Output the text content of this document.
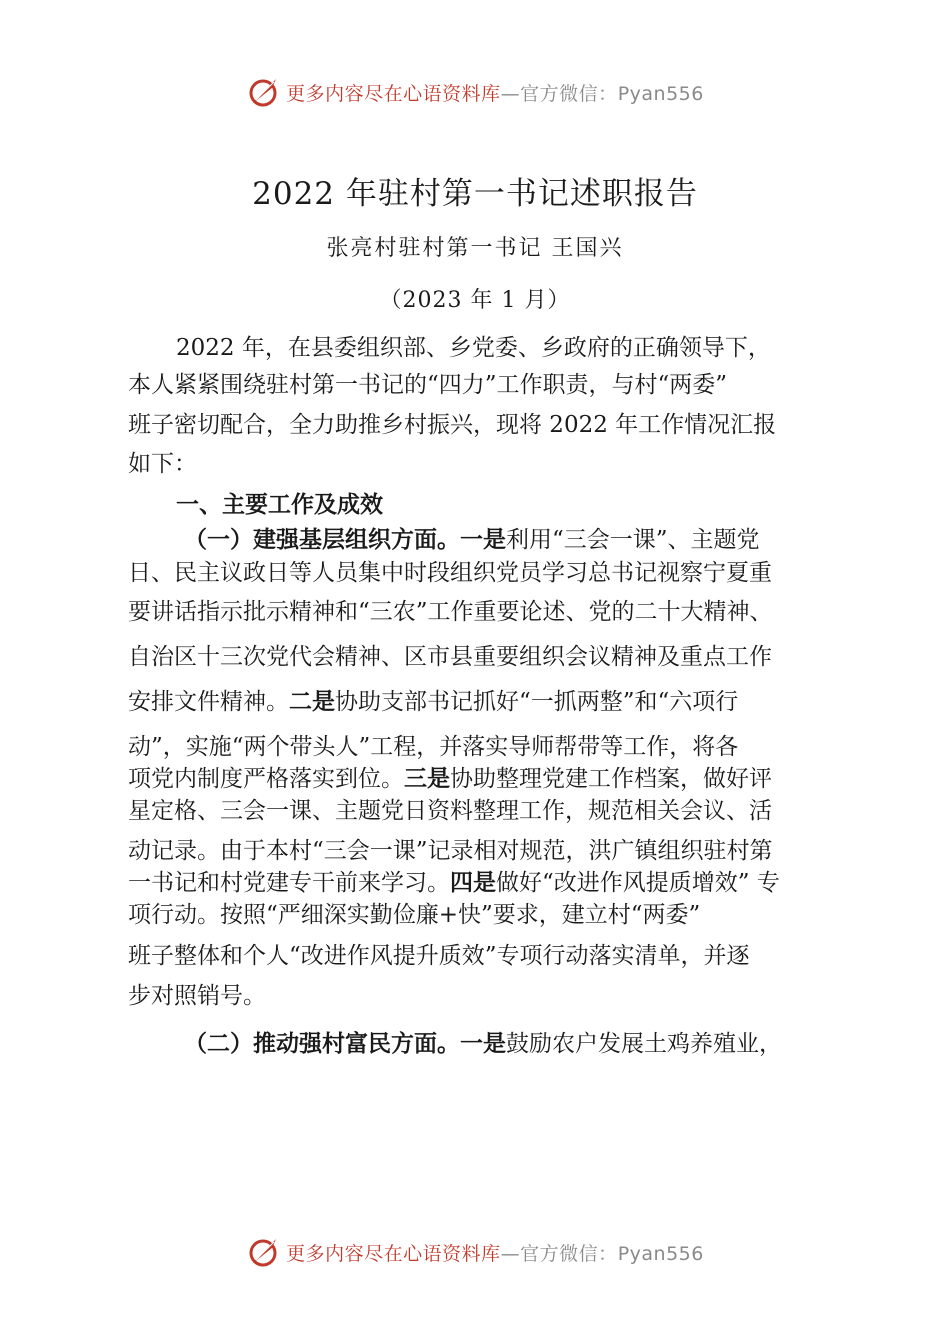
更多内容尽在心语资料库—官方微信：Pyan556
2022 年驻村第一书记述职报告
张亮村驻村第一书记 王国兴
（2023 年 1 月）
2022 年，在县委组织部、乡党委、乡政府的正确领导下，
本人紧紧围绕驻村第一书记的“四力”工作职责，与村“两委”
班子密切配合，全力助推乡村振兴，现将 2022 年工作情况汇报
如下：
一、主要工作及成效
（一）建强基层组织方面。一是利用“三会一课”、主题党
日、民主议政日等人员集中时段组织党员学习总书记视察宁夏重
要讲话指示批示精神和“三农”工作重要论述、党的二十大精神、
自治区十三次党代会精神、区市县重要组织会议精神及重点工作
安排文件精神。二是协助支部书记抓好“一抓两整”和“六项行
动”，实施“两个带头人”工程，并落实导师帮带等工作，将各
项党内制度严格落实到位。三是协助整理党建工作档案，做好评
星定格、三会一课、主题党日资料整理工作，规范相关会议、活
动记录。由于本村“三会一课”记录相对规范，洪广镇组织驻村第
一书记和村党建专干前来学习。四是做好“改进作风提质增效” 专
项行动。按照“严细深实勤俭廉+快”要求，建立村“两委”
班子整体和个人“改进作风提升质效”专项行动落实清单，并逐
步对照销号。
（二）推动强村富民方面。一是鼓励农户发展土鸡养殖业，
更多内容尽在心语资料库—官方微信：Pyan556
